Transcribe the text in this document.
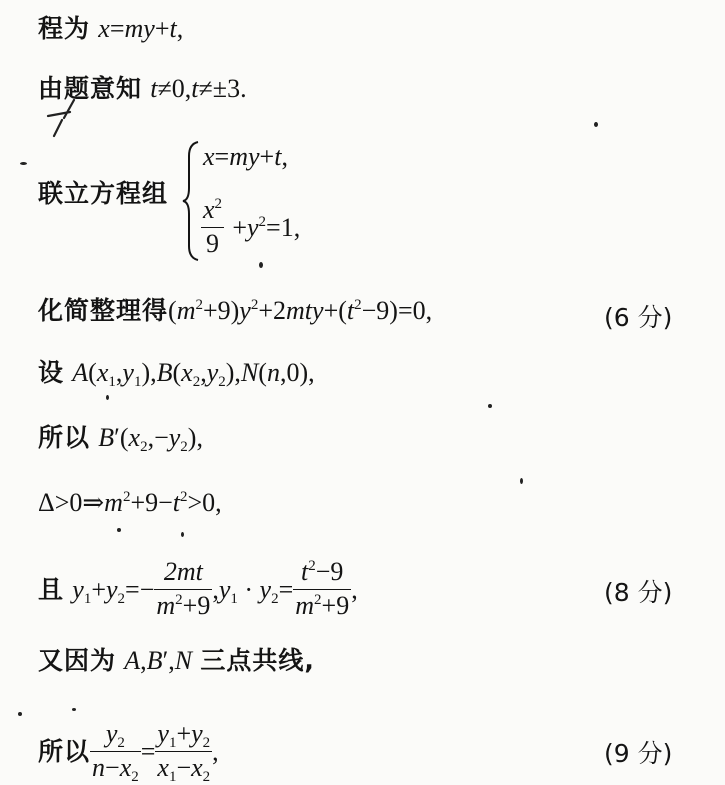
程为 x=my+t,
由题意知 t≠0,t≠±3.
联立方程组
x=my+t,
$\frac{x^2}{9} +y^2=1$,
化简整理得$(m^2+9)y^2+2mty+(t^2-9)=0$,	(6 分)
设 $A(x_1,y_1),B(x_2,y_2),N(n,0)$,
所以 $B'(x_2,-y_2)$,
$\Delta>0\Rightarrow m^2+9-t^2>0$,
且 $y_1+y_2=- \frac{2mt}{m^2+9} ,y_1 \cdot y_2= \frac{t^2-9}{m^2+9}$ ,	(8 分)
又因为 A,B′,N 三点共线,
所以 $\frac{y_2}{n-x_2} = \frac{y_1+y_2}{x_1-x_2}$ ,	(9 分)
